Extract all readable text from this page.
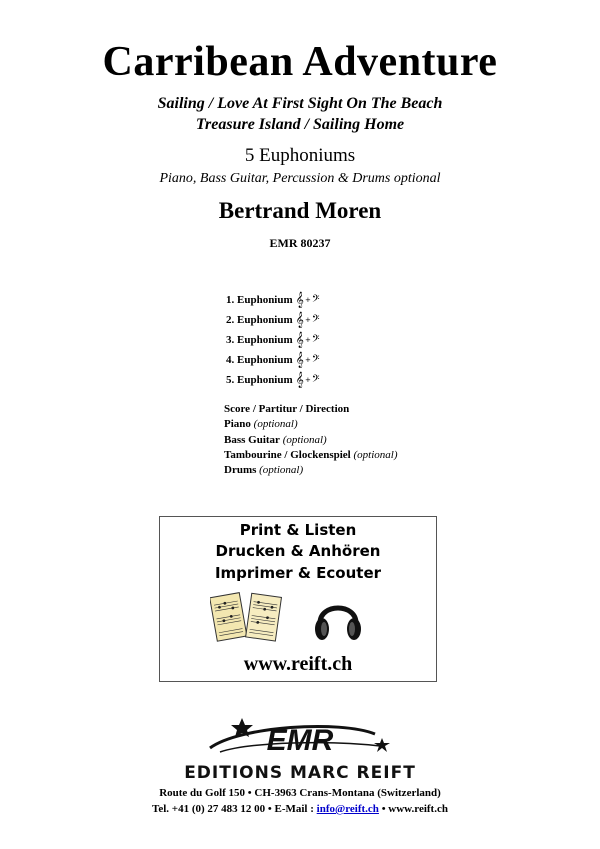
Carribean Adventure
Sailing / Love At First Sight On The Beach
Treasure Island / Sailing Home
5 Euphoniums
Piano, Bass Guitar, Percussion & Drums optional
Bertrand Moren
EMR 80237
1. Euphonium 𝄞 + 𝄢
2. Euphonium 𝄞 + 𝄢
3. Euphonium 𝄞 + 𝄢
4. Euphonium 𝄞 + 𝄢
5. Euphonium 𝄞 + 𝄢
Score / Partitur / Direction
Piano (optional)
Bass Guitar (optional)
Tambourine / Glockenspiel (optional)
Drums (optional)
Print & Listen
Drucken & Anhören
Imprimer & Ecouter
www.reift.ch
EMR
EDITIONS MARC REIFT
Route du Golf 150 • CH-3963 Crans-Montana (Switzerland)
Tel. +41 (0) 27 483 12 00 • E-Mail : info@reift.ch • www.reift.ch
